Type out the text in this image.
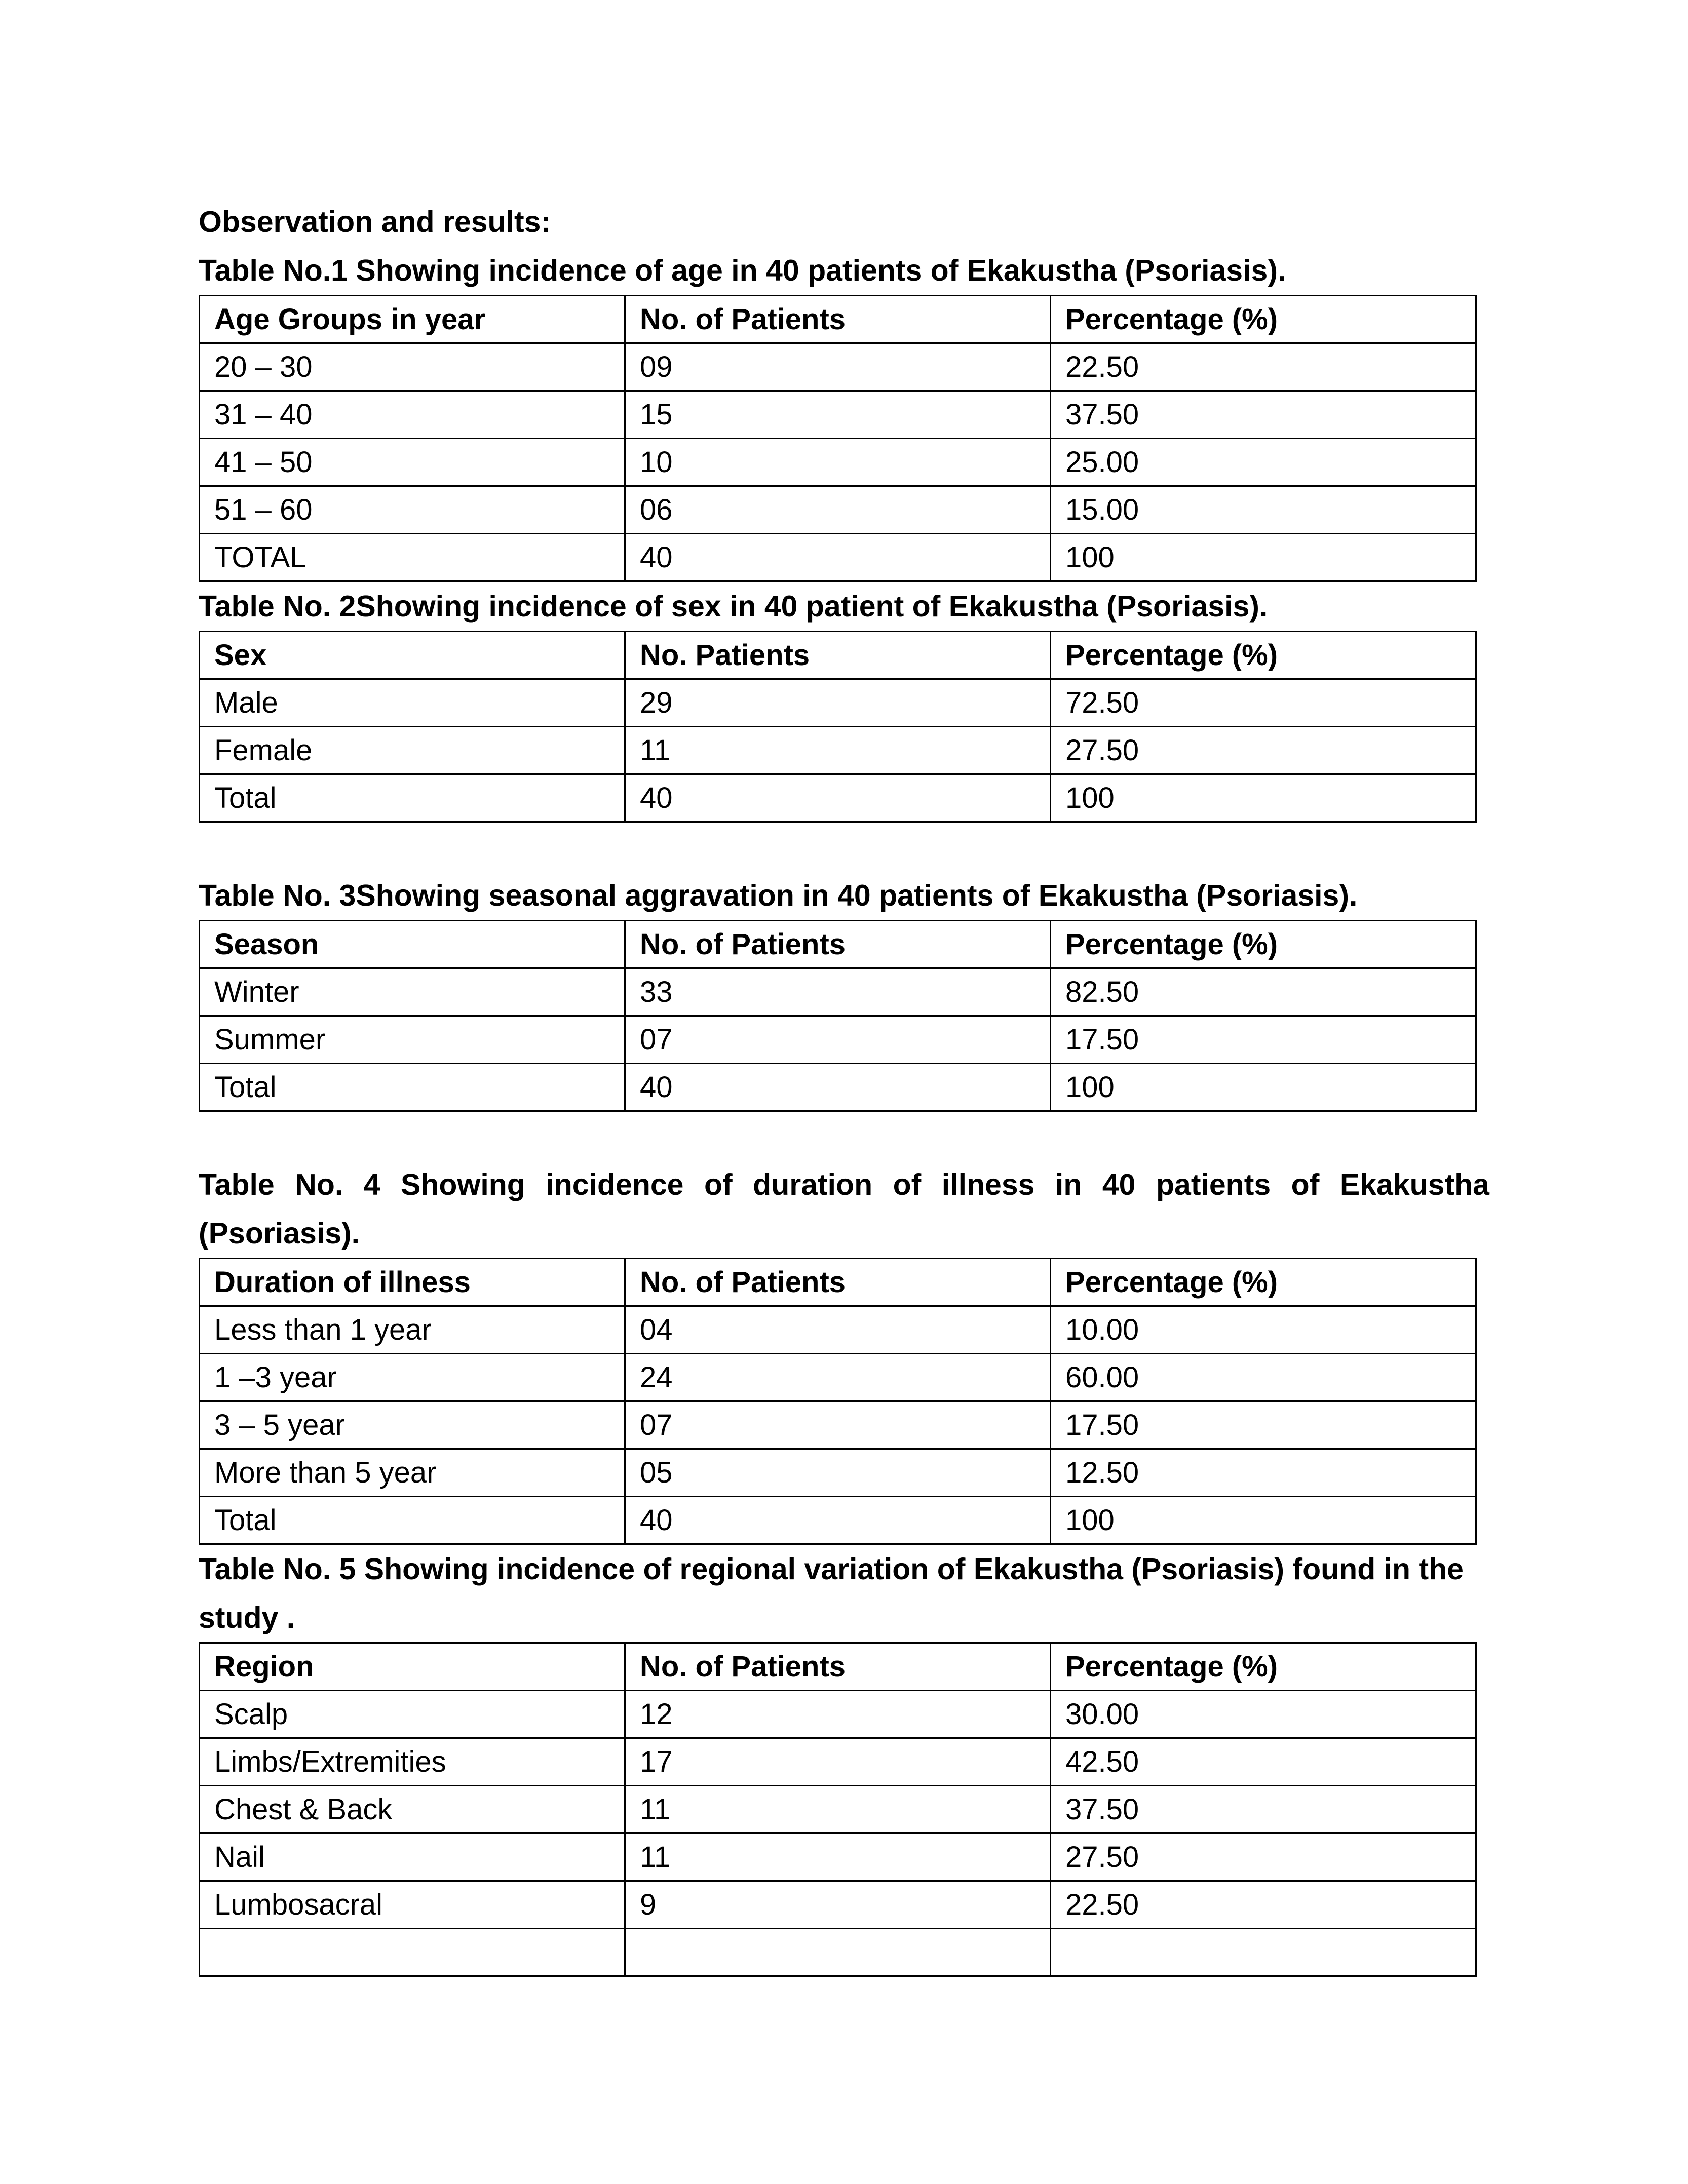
Observation and results:

Table No.1 Showing incidence of age in 40 patients of Ekakustha (Psoriasis).

Age Groups in year	No. of Patients	Percentage (%)
20 – 30	09	22.50
31 – 40	15	37.50
41 – 50	10	25.00
51 – 60	06	15.00
TOTAL	40	100

Table No. 2Showing incidence of sex in 40 patient of Ekakustha (Psoriasis).

Sex	No. Patients	Percentage (%)
Male	29	72.50
Female	11	27.50
Total	40	100

Table No. 3Showing seasonal aggravation in 40 patients of Ekakustha (Psoriasis).

Season	No. of Patients	Percentage (%)
Winter	33	82.50
Summer	07	17.50
Total	40	100

Table No. 4 Showing incidence of duration of illness in 40 patients of Ekakustha (Psoriasis).

Duration of illness	No. of Patients	Percentage (%)
Less than 1 year	04	10.00
1 –3 year	24	60.00
3 – 5 year	07	17.50
More than 5 year	05	12.50
Total	40	100

Table No. 5 Showing incidence of regional variation of Ekakustha (Psoriasis) found in the study .

Region	No. of Patients	Percentage (%)
Scalp	12	30.00
Limbs/Extremities	17	42.50
Chest & Back	11	37.50
Nail	11	27.50
Lumbosacral	9	22.50
